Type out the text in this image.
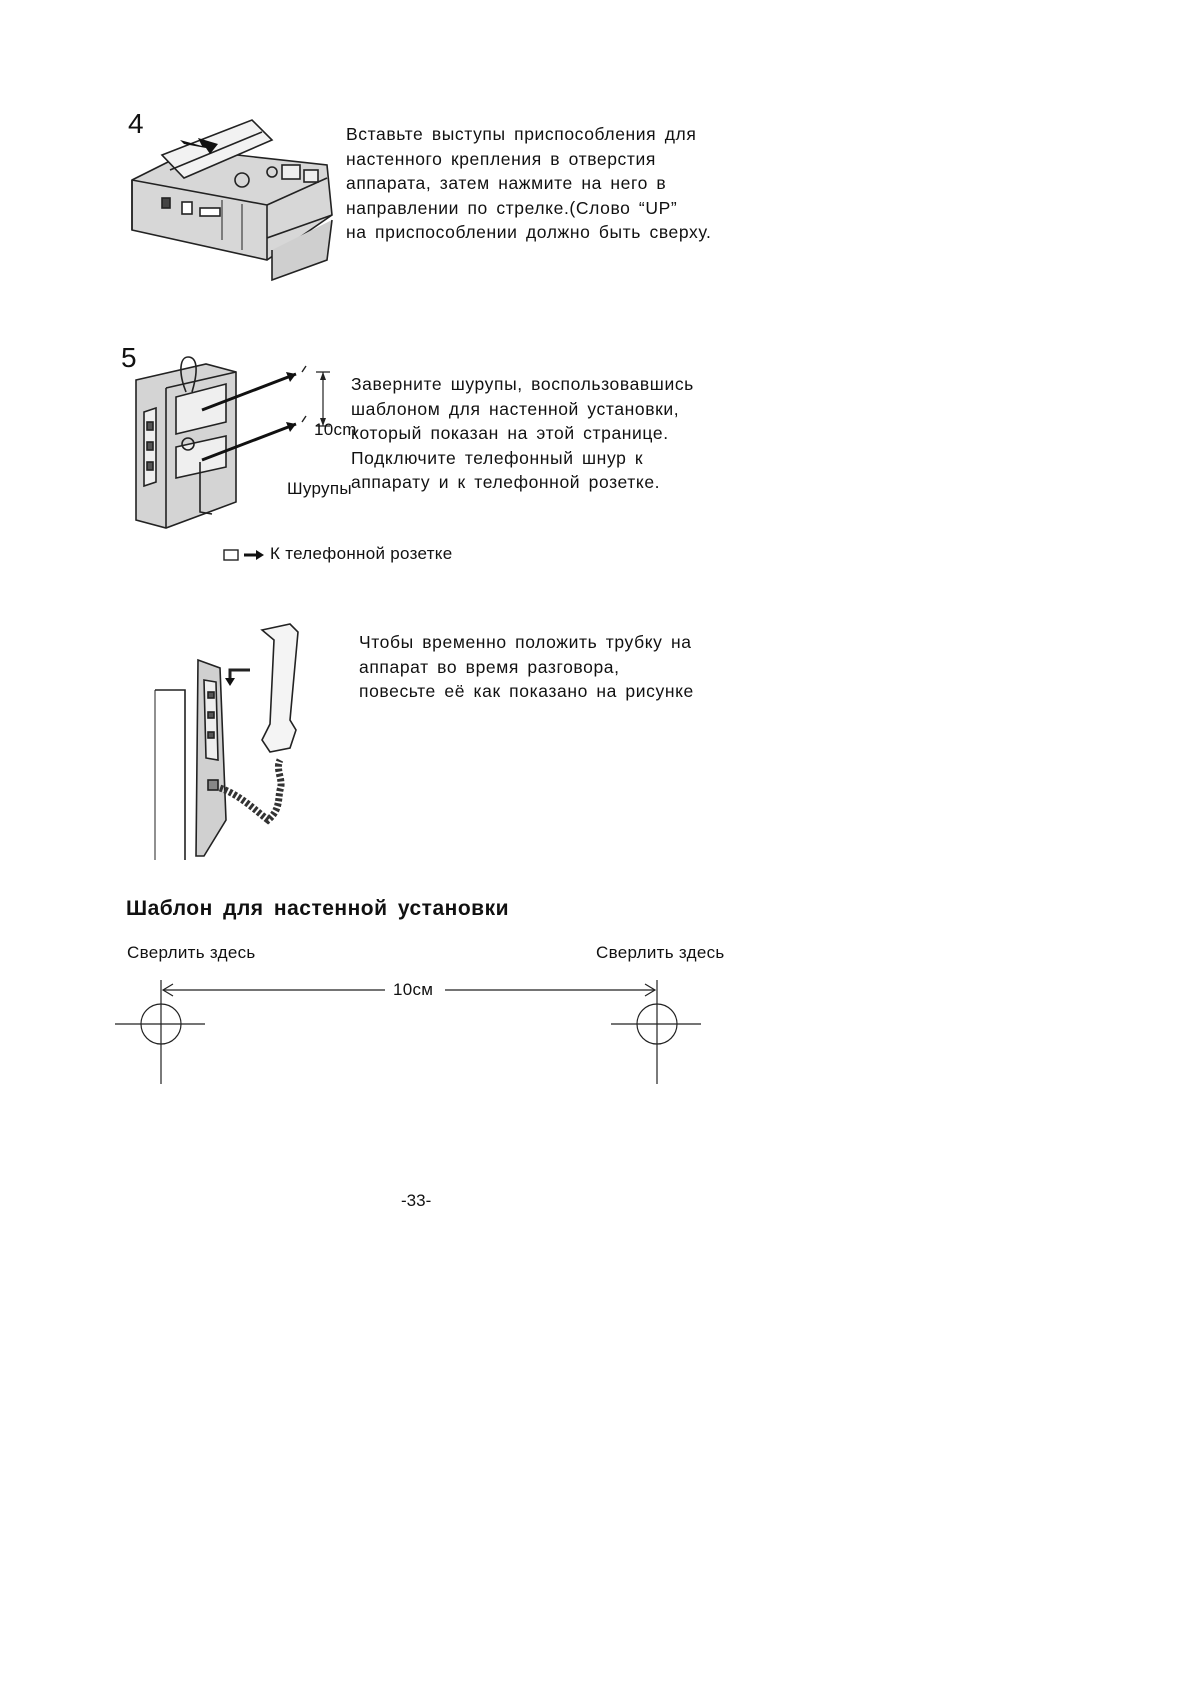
4	Вставьте выступы приспособления для
настенного крепления в отверстия
аппарата, затем нажмите на него в
направлении по стрелке.(Слово “UP”
на приспособлении должно быть сверху.
5
10cm
Шурупы
К телефонной розетке
Заверните шурупы, воспользовавшись
шаблоном для настенной установки,
который показан на этой странице.
Подключите телефонный шнур к
аппарату и к телефонной розетке.
Чтобы временно положить трубку на
аппарат во время разговора,
повесьте её как показано на рисунке
Шаблон для настенной установки
Сверлить здесь	Сверлить здесь
10см
-33-
